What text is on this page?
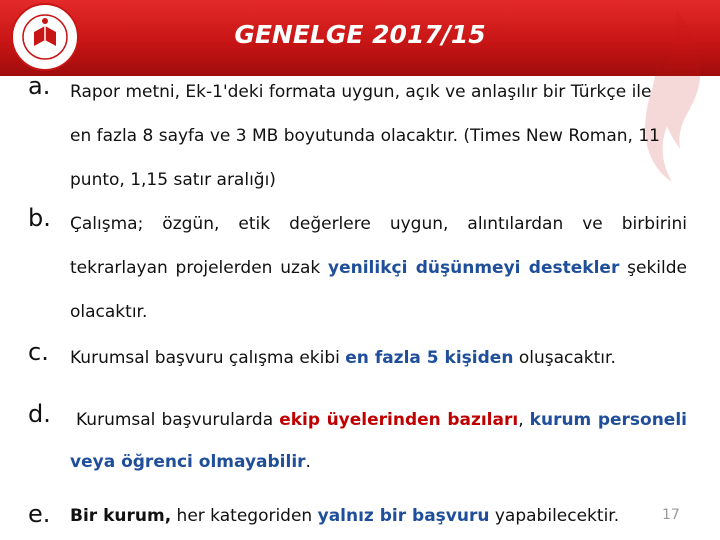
GENELGE 2017/15
a. Rapor metni, Ek-1'deki formata uygun, açık ve anlaşılır bir Türkçe ile
en fazla 8 sayfa ve 3 MB boyutunda olacaktır. (Times New Roman, 11
punto, 1,15 satır aralığı)
b. Çalışma; özgün, etik değerlere uygun, alıntılardan ve birbirini
tekrarlayan projelerden uzak yenilikçi düşünmeyi destekler şekilde
olacaktır.
c. Kurumsal başvuru çalışma ekibi en fazla 5 kişiden oluşacaktır.
d. Kurumsal başvurularda ekip üyelerinden bazıları, kurum personeli
veya öğrenci olmayabilir.
e. Bir kurum, her kategoriden yalnız bir başvuru yapabilecektir.	17
